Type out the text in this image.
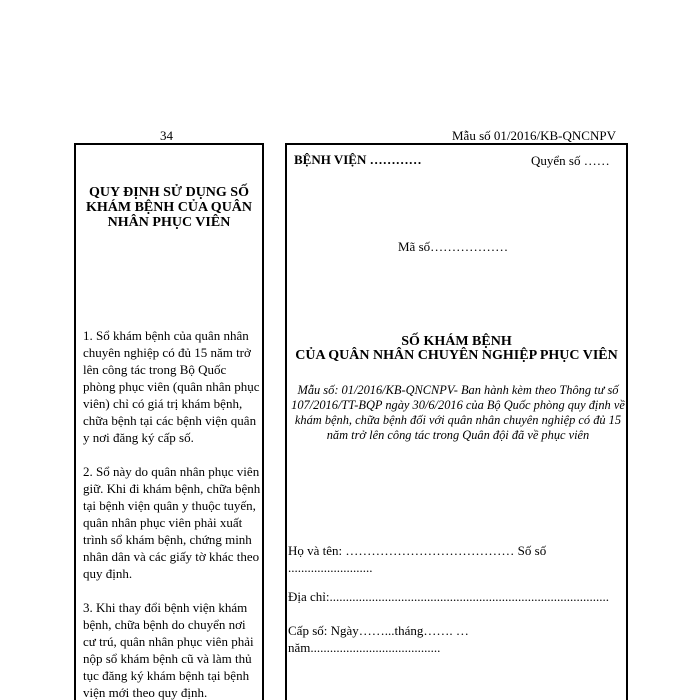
34	Mẫu số 01/2016/KB-QNCNPV
QUY ĐỊNH SỬ DỤNG SỐ KHÁM BỆNH CỦA QUÂN NHÂN PHỤC VIÊN

1. Sổ khám bệnh của quân nhân chuyên nghiệp có đủ 15 năm trở lên công tác trong Bộ Quốc phòng phục viên (quân nhân phục viên) chỉ có giá trị khám bệnh, chữa bệnh tại các bệnh viện quân y nơi đăng ký cấp số.

2. Sổ này do quân nhân phục viên giữ. Khi đi khám bệnh, chữa bệnh tại bệnh viện quân y thuộc tuyến, quân nhân phục viên phải xuất trình sổ khám bệnh, chứng minh nhân dân và các giấy tờ khác theo quy định.

3. Khi thay đổi bệnh viện khám bệnh, chữa bệnh do chuyển nơi cư trú, quân nhân phục viên phải nộp sổ khám bệnh cũ và làm thủ tục đăng ký khám bệnh tại bệnh viện mới theo quy định.

BỆNH VIỆN …………	Quyển số ……
Mã số………………
SỐ KHÁM BỆNH
CỦA QUÂN NHÂN CHUYÊN NGHIỆP PHỤC VIÊN
Mẫu số: 01/2016/KB-QNCNPV- Ban hành kèm theo Thông tư số 107/2016/TT-BQP ngày 30/6/2016 của Bộ Quốc phòng quy định về khám bệnh, chữa bệnh đối với quân nhân chuyên nghiệp có đủ 15 năm trở lên công tác trong Quân đội đã về phục viên
Họ và tên: ………………………………… Số số ..........................
Địa chỉ:......................................................................................
Cấp số: Ngày……...tháng……. …năm........................................
